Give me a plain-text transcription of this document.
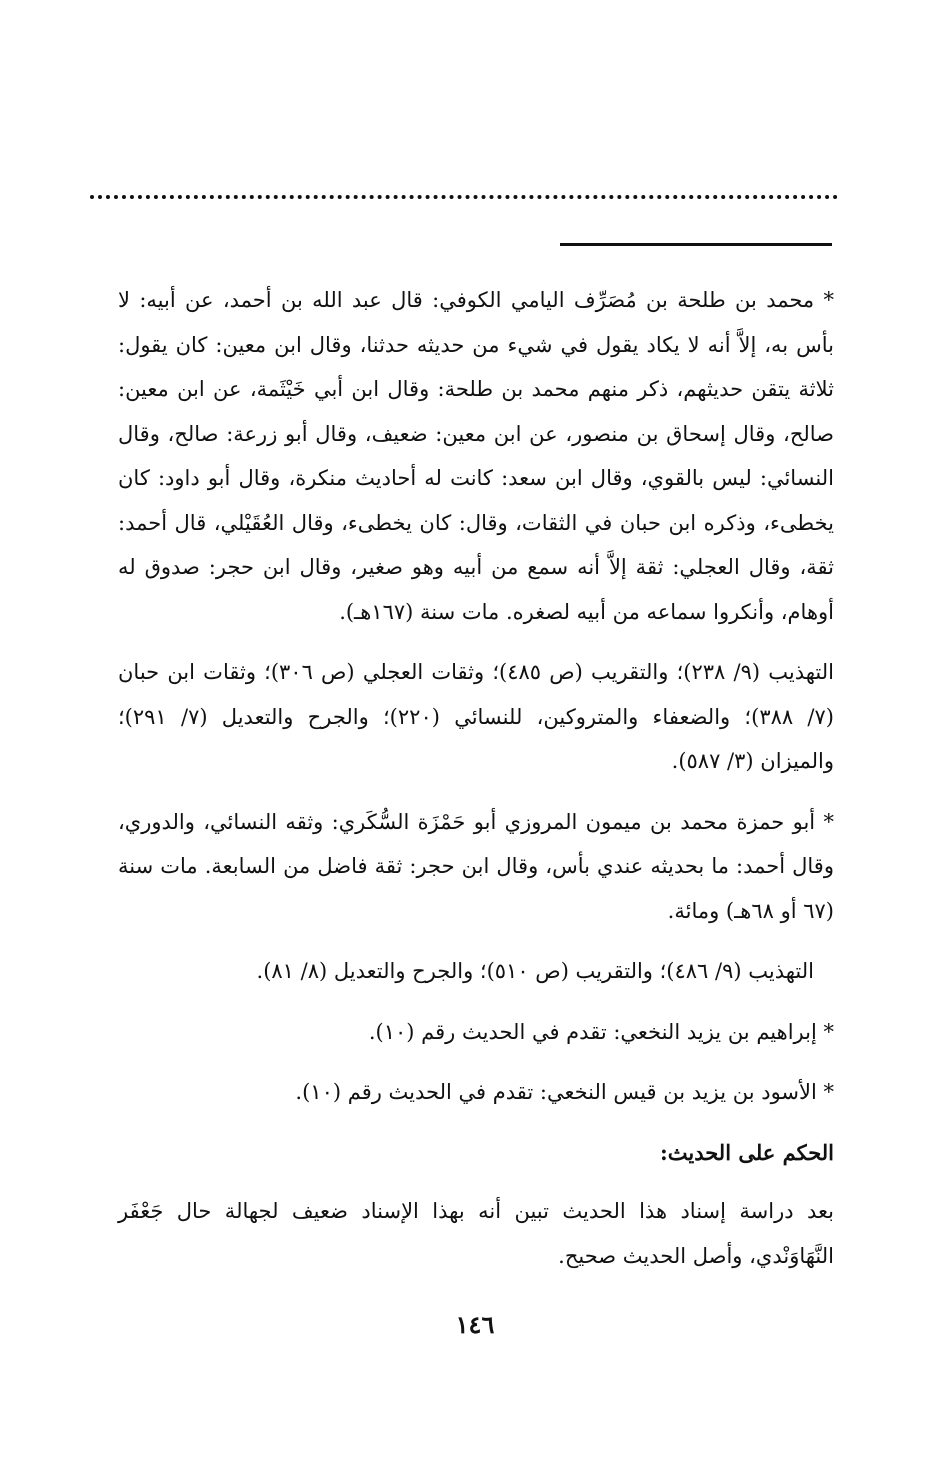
* محمد بن طلحة بن مُصَرِّف اليامي الكوفي: قال عبد الله بن أحمد، عن أبيه: لا بأس به، إلاَّ أنه لا يكاد يقول في شيء من حديثه حدثنا، وقال ابن معين: كان يقول: ثلاثة يتقن حديثهم، ذكر منهم محمد بن طلحة: وقال ابن أبي خَيْثَمة، عن ابن معين: صالح، وقال إسحاق بن منصور، عن ابن معين: ضعيف، وقال أبو زرعة: صالح، وقال النسائي: ليس بالقوي، وقال ابن سعد: كانت له أحاديث منكرة، وقال أبو داود: كان يخطىء، وذكره ابن حبان في الثقات، وقال: كان يخطىء، وقال العُقَيْلي، قال أحمد: ثقة، وقال العجلي: ثقة إلاَّ أنه سمع من أبيه وهو صغير، وقال ابن حجر: صدوق له أوهام، وأنكروا سماعه من أبيه لصغره. مات سنة (١٦٧هـ).

التهذيب (٩/ ٢٣٨)؛ والتقريب (ص ٤٨٥)؛ وثقات العجلي (ص ٣٠٦)؛ وثقات ابن حبان (٧/ ٣٨٨)؛ والضعفاء والمتروكين، للنسائي (٢٢٠)؛ والجرح والتعديل (٧/ ٢٩١)؛ والميزان (٣/ ٥٨٧).

* أبو حمزة محمد بن ميمون المروزي أبو حَمْزَة السُّكَري: وثقه النسائي، والدوري، وقال أحمد: ما بحديثه عندي بأس، وقال ابن حجر: ثقة فاضل من السابعة. مات سنة (٦٧ أو ٦٨هـ) ومائة.

التهذيب (٩/ ٤٨٦)؛ والتقريب (ص ٥١٠)؛ والجرح والتعديل (٨/ ٨١).

* إبراهيم بن يزيد النخعي: تقدم في الحديث رقم (١٠).

* الأسود بن يزيد بن قيس النخعي: تقدم في الحديث رقم (١٠).

الحكم على الحديث:

بعد دراسة إسناد هذا الحديث تبين أنه بهذا الإسناد ضعيف لجهالة حال جَعْفَر النَّهَاوَنْدي، وأصل الحديث صحيح.

١٤٦
